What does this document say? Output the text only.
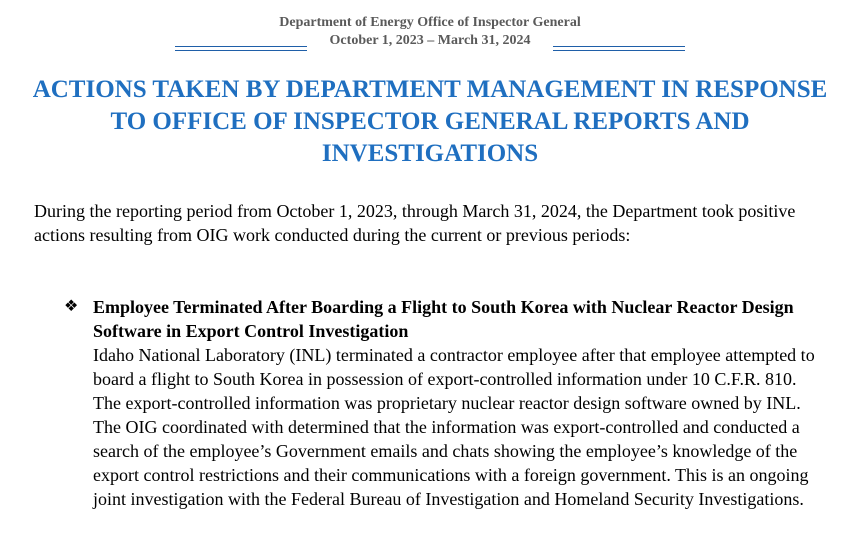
Department of Energy Office of Inspector General
October 1, 2023 – March 31, 2024
ACTIONS TAKEN BY DEPARTMENT MANAGEMENT IN RESPONSE TO OFFICE OF INSPECTOR GENERAL REPORTS AND INVESTIGATIONS
During the reporting period from October 1, 2023, through March 31, 2024, the Department took positive actions resulting from OIG work conducted during the current or previous periods:
❖ Employee Terminated After Boarding a Flight to South Korea with Nuclear Reactor Design Software in Export Control Investigation
Idaho National Laboratory (INL) terminated a contractor employee after that employee attempted to board a flight to South Korea in possession of export-controlled information under 10 C.F.R. 810. The export-controlled information was proprietary nuclear reactor design software owned by INL. The OIG coordinated with determined that the information was export-controlled and conducted a search of the employee’s Government emails and chats showing the employee’s knowledge of the export control restrictions and their communications with a foreign government. This is an ongoing joint investigation with the Federal Bureau of Investigation and Homeland Security Investigations.
